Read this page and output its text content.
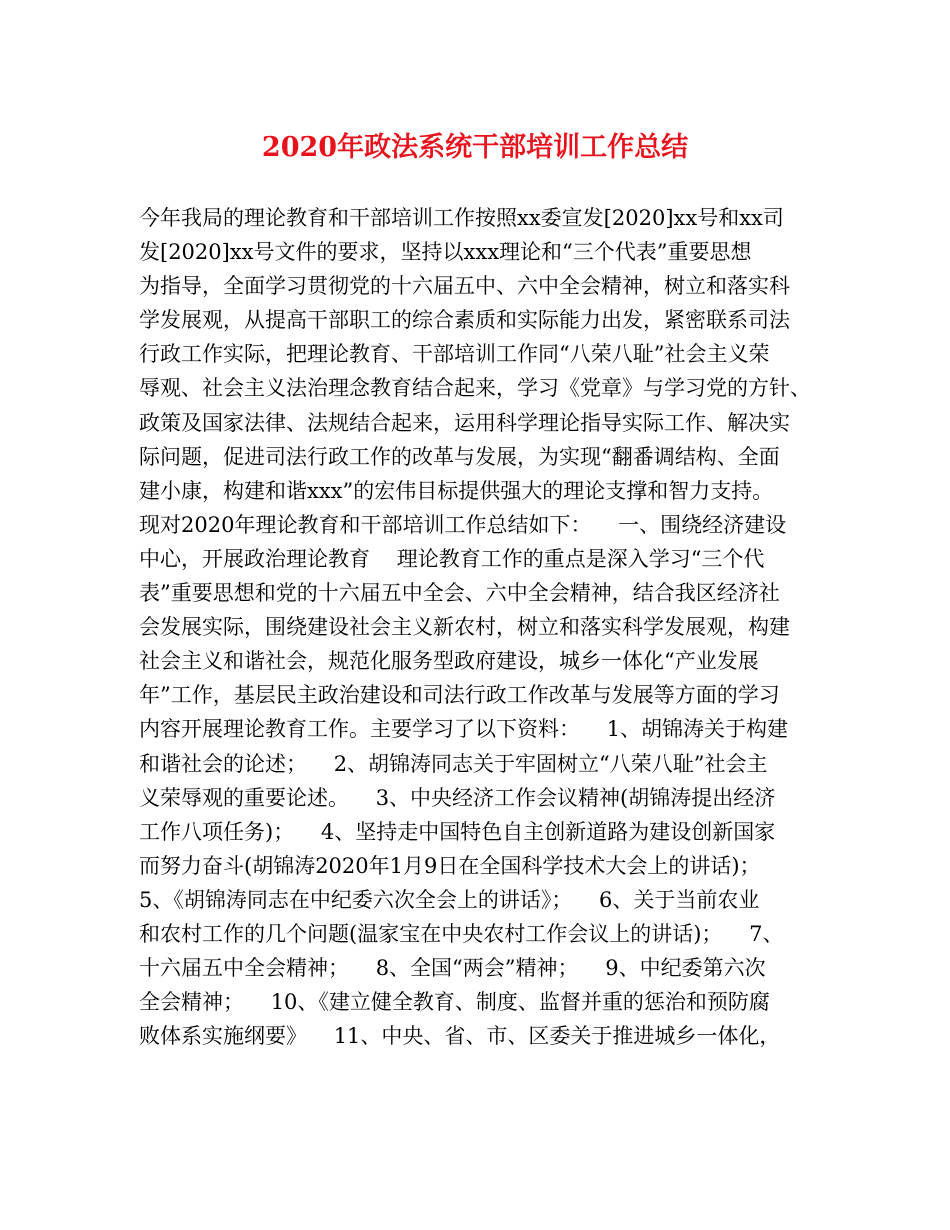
2020年政法系统干部培训工作总结
今年我局的理论教育和干部培训工作按照xx委宣发[2020]xx号和xx司
发[2020]xx号文件的要求，坚持以xxx理论和“三个代表”重要思想
为指导，全面学习贯彻党的十六届五中、六中全会精神，树立和落实科
学发展观，从提高干部职工的综合素质和实际能力出发，紧密联系司法
行政工作实际，把理论教育、干部培训工作同“八荣八耻”社会主义荣
辱观、社会主义法治理念教育结合起来，学习《党章》与学习党的方针、
政策及国家法律、法规结合起来，运用科学理论指导实际工作、解决实
际问题，促进司法行政工作的改革与发展，为实现“翻番调结构、全面
建小康，构建和谐xxx”的宏伟目标提供强大的理论支撑和智力支持。
现对2020年理论教育和干部培训工作总结如下：    一、围绕经济建设
中心，开展政治理论教育    理论教育工作的重点是深入学习“三个代
表”重要思想和党的十六届五中全会、六中全会精神，结合我区经济社
会发展实际，围绕建设社会主义新农村，树立和落实科学发展观，构建
社会主义和谐社会，规范化服务型政府建设，城乡一体化“产业发展
年”工作，基层民主政治建设和司法行政工作改革与发展等方面的学习
内容开展理论教育工作。主要学习了以下资料：    1、胡锦涛关于构建
和谐社会的论述；    2、胡锦涛同志关于牢固树立“八荣八耻”社会主
义荣辱观的重要论述。    3、中央经济工作会议精神(胡锦涛提出经济
工作八项任务)；    4、坚持走中国特色自主创新道路为建设创新国家
而努力奋斗(胡锦涛2020年1月9日在全国科学技术大会上的讲话)；
5、《胡锦涛同志在中纪委六次全会上的讲话》；    6、关于当前农业
和农村工作的几个问题(温家宝在中央农村工作会议上的讲话)；    7、
十六届五中全会精神；    8、全国“两会”精神；    9、中纪委第六次
全会精神；    10、《建立健全教育、制度、监督并重的惩治和预防腐
败体系实施纲要》    11、中央、省、市、区委关于推进城乡一体化，
